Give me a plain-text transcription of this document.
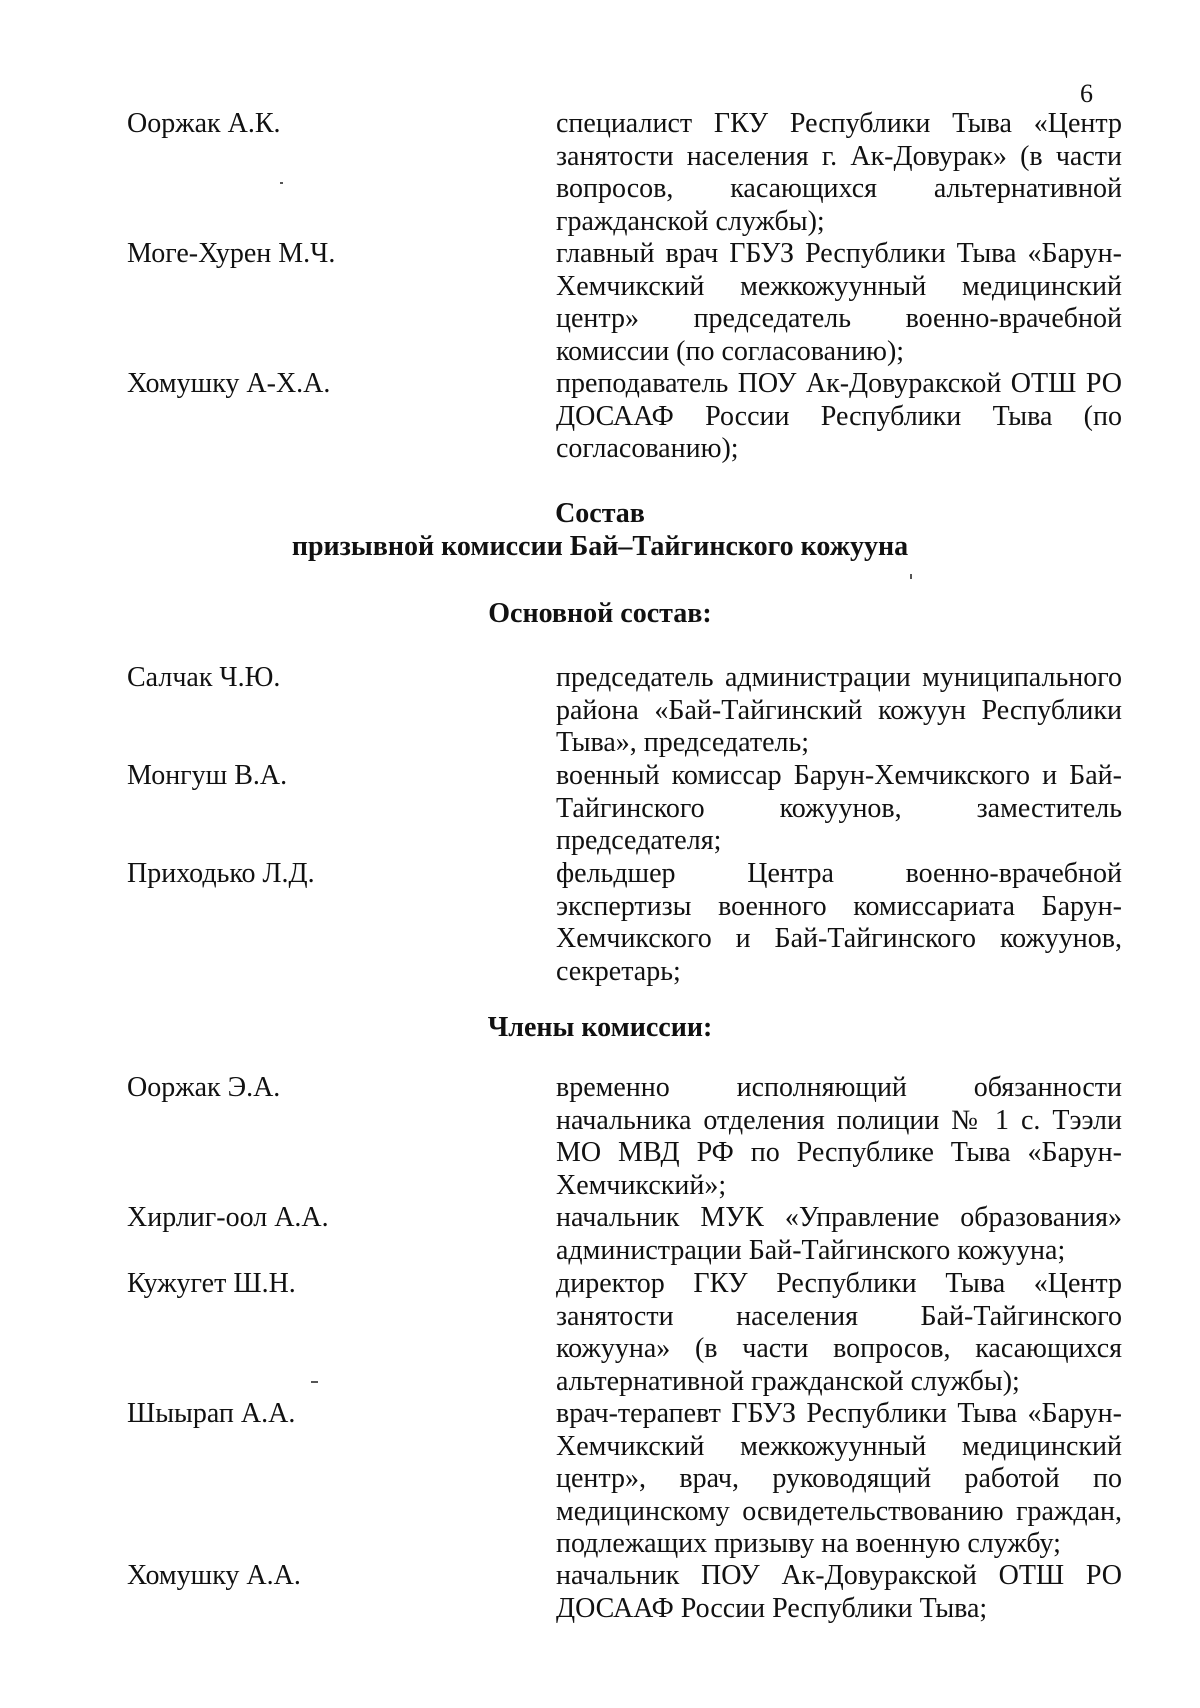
6
Ооржак А.К.	специалист ГКУ Республики Тыва «Центр занятости населения г. Ак-Довурак» (в части вопросов, касающихся альтернативной гражданской службы);
Моге-Хурен М.Ч.	главный врач ГБУЗ Республики Тыва «Барун-Хемчикский межкожуунный медицинский центр» председатель военно-врачебной комиссии (по согласованию);
Хомушку А-Х.А.	преподаватель ПОУ Ак-Довуракской ОТШ РО ДОСААФ России Республики Тыва (по согласованию);
Состав
призывной комиссии Бай–Тайгинского кожууна
Основной состав:
Салчак Ч.Ю.	председатель администрации муниципального района «Бай-Тайгинский кожуун Республики Тыва», председатель;
Монгуш В.А.	военный комиссар Барун-Хемчикского и Бай-Тайгинского кожуунов, заместитель председателя;
Приходько Л.Д.	фельдшер Центра военно-врачебной экспертизы военного комиссариата Барун-Хемчикского и Бай-Тайгинского кожуунов, секретарь;
Члены комиссии:
Ооржак Э.А.	временно исполняющий обязанности начальника отделения полиции № 1 с. Тээли МО МВД РФ по Республике Тыва «Барун-Хемчикский»;
Хирлиг-оол А.А.	начальник МУК «Управление образования» администрации Бай-Тайгинского кожууна;
Кужугет Ш.Н.	директор ГКУ Республики Тыва «Центр занятости населения Бай-Тайгинского кожууна» (в части вопросов, касающихся альтернативной гражданской службы);
Шыырап А.А.	врач-терапевт ГБУЗ Республики Тыва «Барун-Хемчикский межкожуунный медицинский центр», врач, руководящий работой по медицинскому освидетельствованию граждан, подлежащих призыву на военную службу;
Хомушку А.А.	начальник ПОУ Ак-Довуракской ОТШ РО ДОСААФ России Республики Тыва;
